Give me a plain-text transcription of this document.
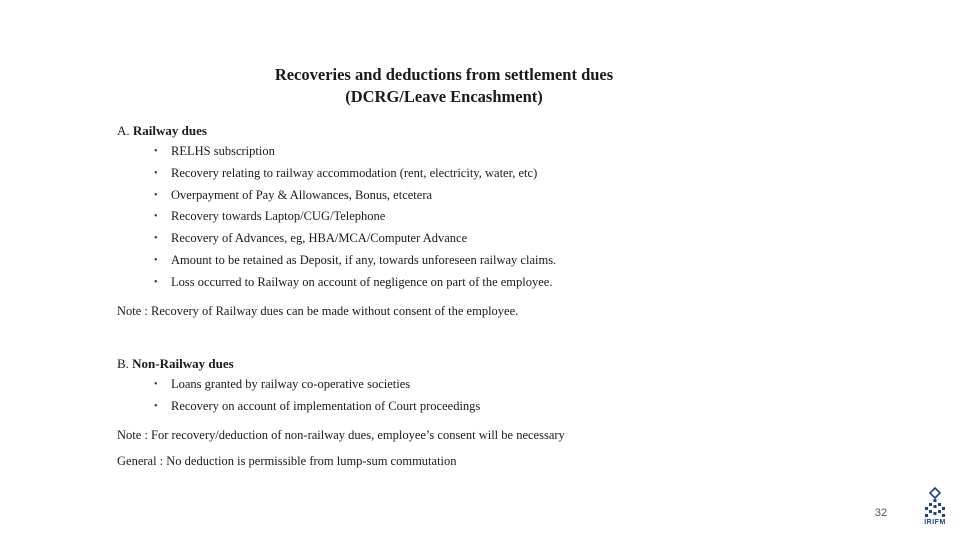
Recoveries and deductions from settlement dues
(DCRG/Leave Encashment)
A. Railway dues
• RELHS subscription
• Recovery relating to railway accommodation (rent, electricity, water, etc)
• Overpayment of Pay & Allowances, Bonus, etcetera
• Recovery towards Laptop/CUG/Telephone
• Recovery of Advances, eg, HBA/MCA/Computer Advance
• Amount to be retained as Deposit, if any, towards unforeseen railway claims.
• Loss occurred to Railway on account of negligence on part of the employee.
Note : Recovery of Railway dues can be made without consent of the employee.
B. Non-Railway dues
• Loans granted by railway co-operative societies
• Recovery on account of implementation of Court proceedings
Note : For recovery/deduction of non-railway dues, employee’s consent will be necessary
General : No deduction is permissible from lump-sum commutation
32
IRIFM
